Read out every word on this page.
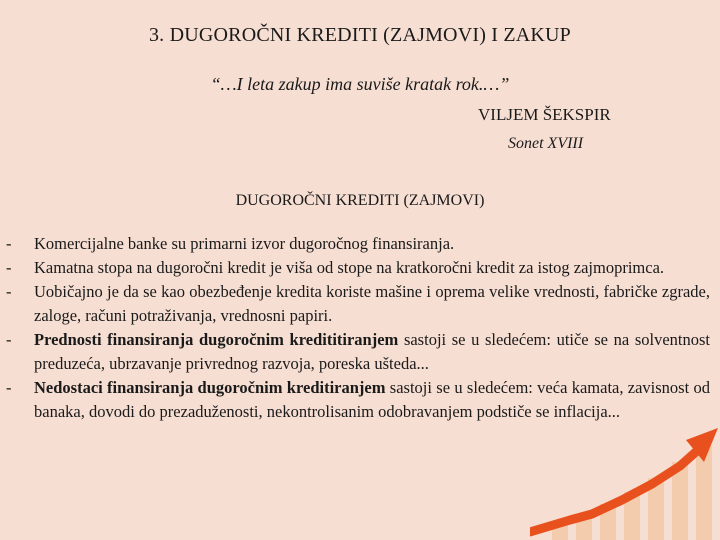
3. DUGOROČNI KREDITI (ZAJMOVI) I ZAKUP
“…I leta zakup ima suviše kratak rok.…”
VILJEM ŠEKSPIR
Sonet XVIII
DUGOROČNI KREDITI (ZAJMOVI)
- Komercijalne banke su primarni izvor dugoročnog finansiranja.
- Kamatna stopa na dugoročni kredit je viša od stope na kratkoročni kredit za istog zajmoprimca.
- Uobičajno je da se kao obezbeđenje kredita koriste mašine i oprema velike vrednosti, fabričke zgrade, zaloge, računi potraživanja, vrednosni papiri.
- Prednosti finansiranja dugoročnim kredititiranjem sastoji se u sledećem: utiče se na solventnost preduzeća, ubrzavanje privrednog razvoja, poreska ušteda...
- Nedostaci finansiranja dugoročnim kreditiranjem sastoji se u sledećem: veća kamata, zavisnost od banaka, dovodi do prezaduženosti, nekontrolisanim odobravanjem podstiče se inflacija...
